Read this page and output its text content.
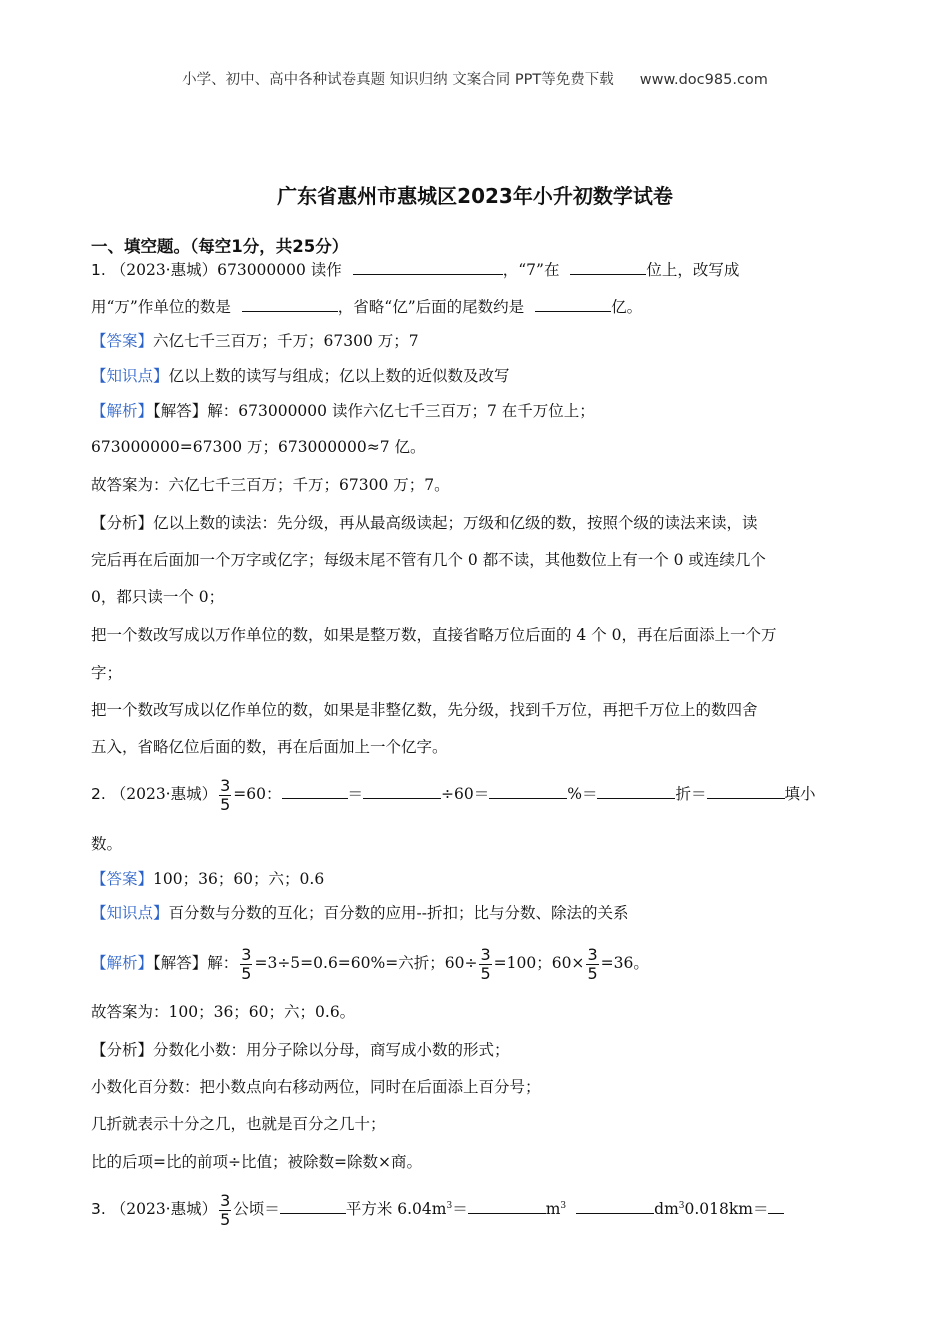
小学、初中、高中各种试卷真题 知识归纳 文案合同 PPT等免费下载 www.doc985.com
广东省惠州市惠城区2023年小升初数学试卷
一、填空题。（每空1分，共25分）
1. （2023·惠城）673000000 读作	，“7”在	位上，改写成
用“万”作单位的数是	，省略“亿”后面的尾数约是	亿。
【答案】六亿七千三百万；千万；67300 万；7
【知识点】亿以上数的读写与组成；亿以上数的近似数及改写
【解析】【解答】解：673000000 读作六亿七千三百万；7 在千万位上；
673000000=67300 万；673000000≈7 亿。
故答案为：六亿七千三百万；千万；67300 万；7。
【分析】亿以上数的读法：先分级，再从最高级读起；万级和亿级的数，按照个级的读法来读，读
完后再在后面加一个万字或亿字；每级末尾不管有几个 0 都不读，其他数位上有一个 0 或连续几个
0，都只读一个 0；
把一个数改写成以万作单位的数，如果是整万数，直接省略万位后面的 4 个 0，再在后面添上一个万
字；
把一个数改写成以亿作单位的数，如果是非整亿数，先分级，找到千万位，再把千万位上的数四舍
五入，省略亿位后面的数，再在后面加上一个亿字。
2. （2023·惠城） $\frac{3}{5} =60$：	＝	÷60＝	%＝	折＝	填小
数。
【答案】100；36；60；六；0.6
【知识点】百分数与分数的互化；百分数的应用--折扣；比与分数、除法的关系
【解析】【解答】解： $\frac{3}{5} =3\div 5=0.6=60\%=$六折；$60\div \frac{3}{5} =100$；$60\times \frac{3}{5} =36$。
故答案为：100；36；60；六；0.6。
【分析】分数化小数：用分子除以分母，商写成小数的形式；
小数化百分数：把小数点向右移动两位，同时在后面添上百分号；
几折就表示十分之几，也就是百分之几十；
比的后项=比的前项÷比值；被除数=除数×商。
3. （2023·惠城） $\frac{3}{5}$ 公顷＝	平方米 $6.04m^3=$	$m^3$	$dm^30.018km=$
